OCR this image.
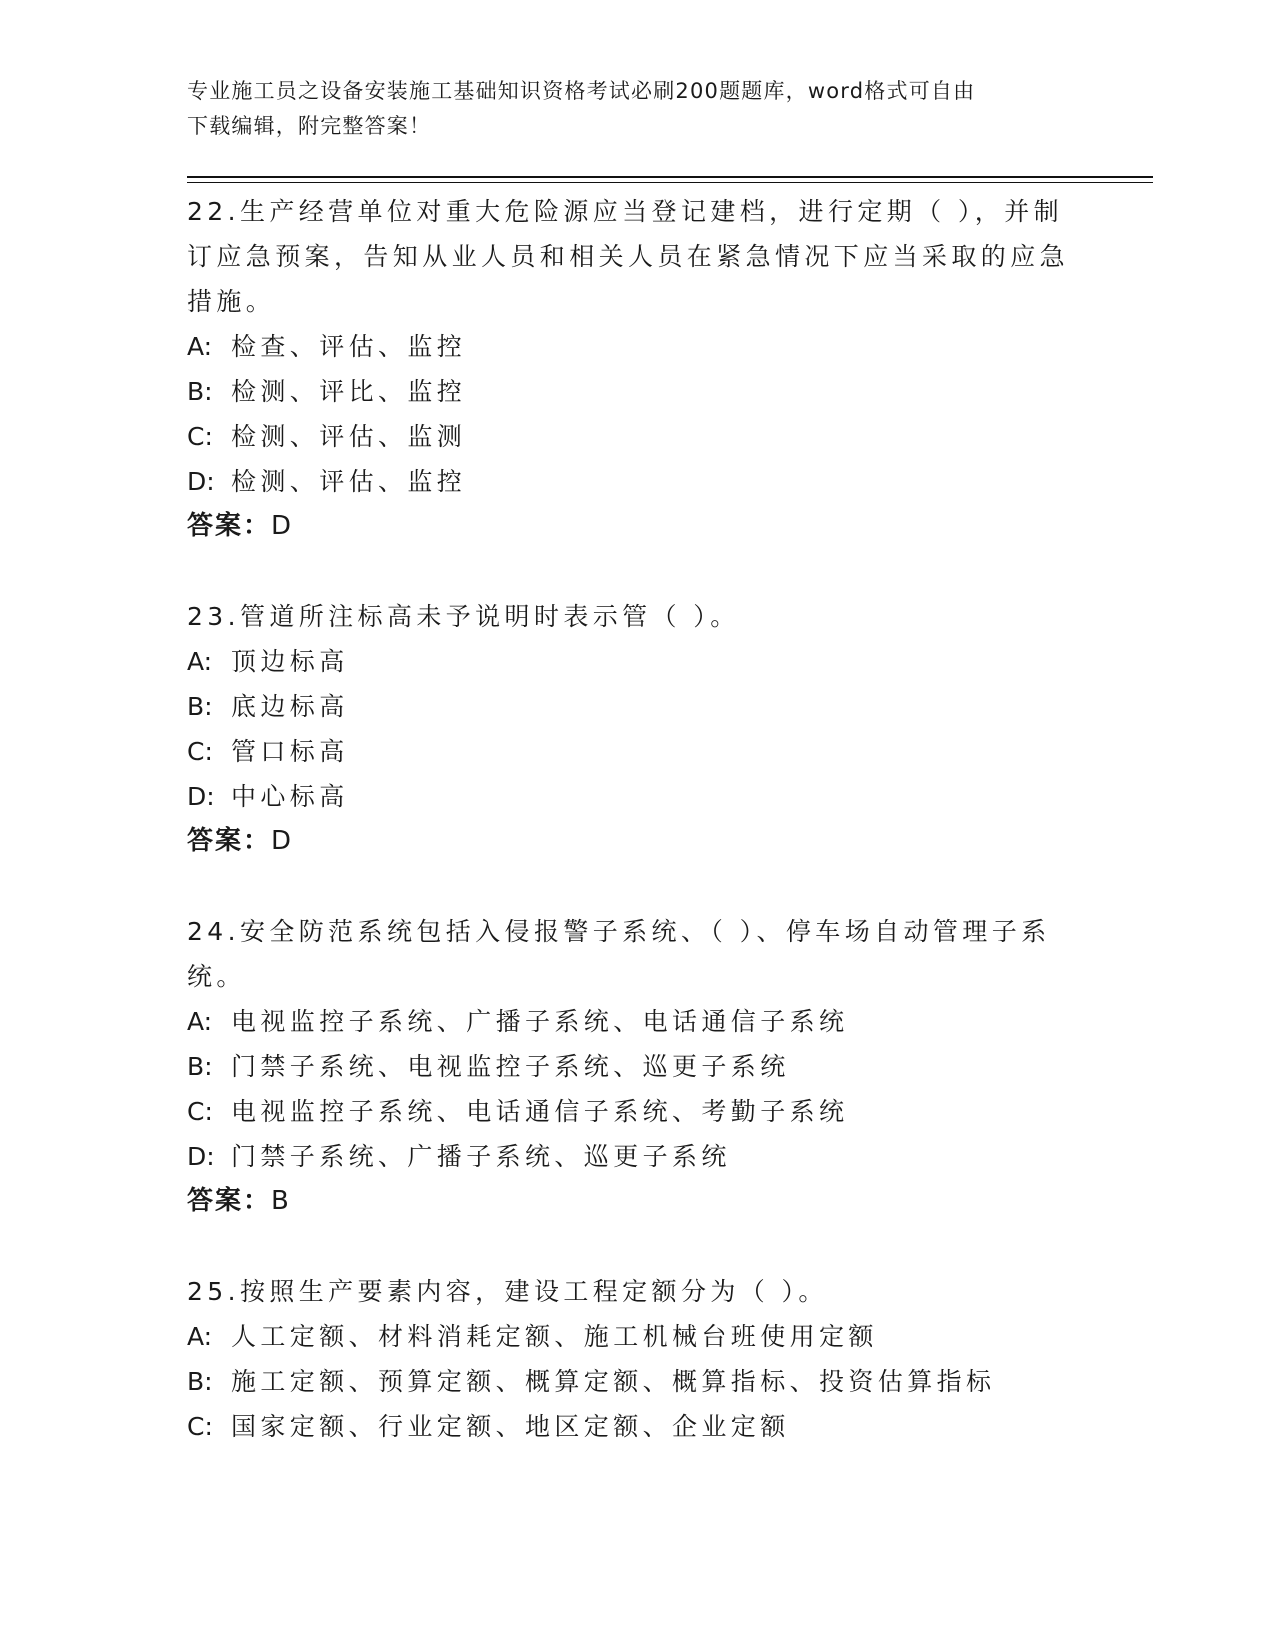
专业施工员之设备安装施工基础知识资格考试必刷200题题库，word格式可自由
下载编辑，附完整答案！
22.生产经营单位对重大危险源应当登记建档，进行定期（ ），并制订应急预案，告知从业人员和相关人员在紧急情况下应当采取的应急措施。
A: 检查、评估、监控
B: 检测、评比、监控
C: 检测、评估、监测
D: 检测、评估、监控
答案：D
23.管道所注标高未予说明时表示管（ ）。
A: 顶边标高
B: 底边标高
C: 管口标高
D: 中心标高
答案：D
24.安全防范系统包括入侵报警子系统、（ ）、停车场自动管理子系统。
A: 电视监控子系统、广播子系统、电话通信子系统
B: 门禁子系统、电视监控子系统、巡更子系统
C: 电视监控子系统、电话通信子系统、考勤子系统
D: 门禁子系统、广播子系统、巡更子系统
答案：B
25.按照生产要素内容，建设工程定额分为（ ）。
A: 人工定额、材料消耗定额、施工机械台班使用定额
B: 施工定额、预算定额、概算定额、概算指标、投资估算指标
C: 国家定额、行业定额、地区定额、企业定额
